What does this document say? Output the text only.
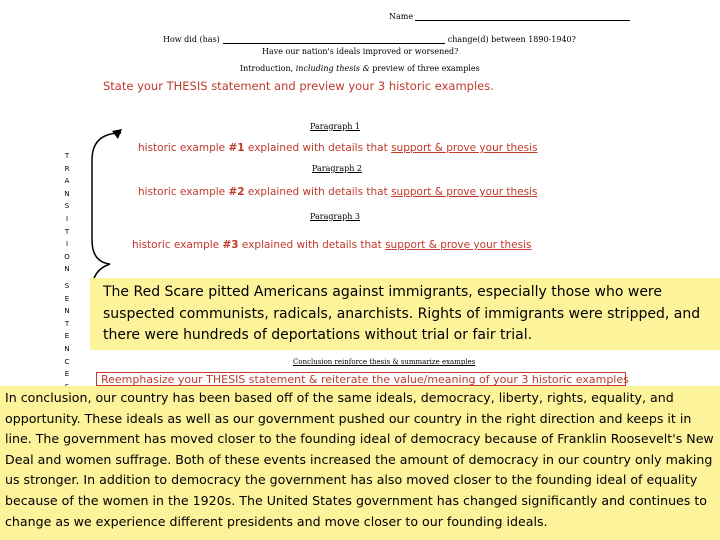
Name
How did (has)	change(d) between 1890-1940?
Have our nation's ideals improved or worsened?
Introduction, including thesis & preview of three examples
State your THESIS statement and preview your 3 historic examples.
T
R
A
N
S
I
T
I
O
N
S
E
N
T
E
N
C
E
Paragraph 1
historic example #1 explained with details that support & prove your thesis
Paragraph 2
historic example #2 explained with details that support & prove your thesis
Paragraph 3
historic example #3 explained with details that support & prove your thesis
The Red Scare pitted Americans against immigrants, especially those who were suspected communists, radicals, anarchists. Rights of immigrants were stripped, and there were hundreds of deportations without trial or fair trial.
Conclusion reinforce thesis & summarize examples
Reemphasize your THESIS statement & reiterate the value/meaning of your 3 historic examples
In conclusion, our country has been based off of the same ideals, democracy, liberty, rights, equality, and opportunity. These ideals as well as our government pushed our country in the right direction and keeps it in line. The government has moved closer to the founding ideal of democracy because of Franklin Roosevelt's New Deal and women suffrage. Both of these events increased the amount of democracy in our country only making us stronger. In addition to democracy the government has also moved closer to the founding ideal of equality because of the women in the 1920s. The United States government has changed significantly and continues to change as we experience different presidents and move closer to our founding ideals.
